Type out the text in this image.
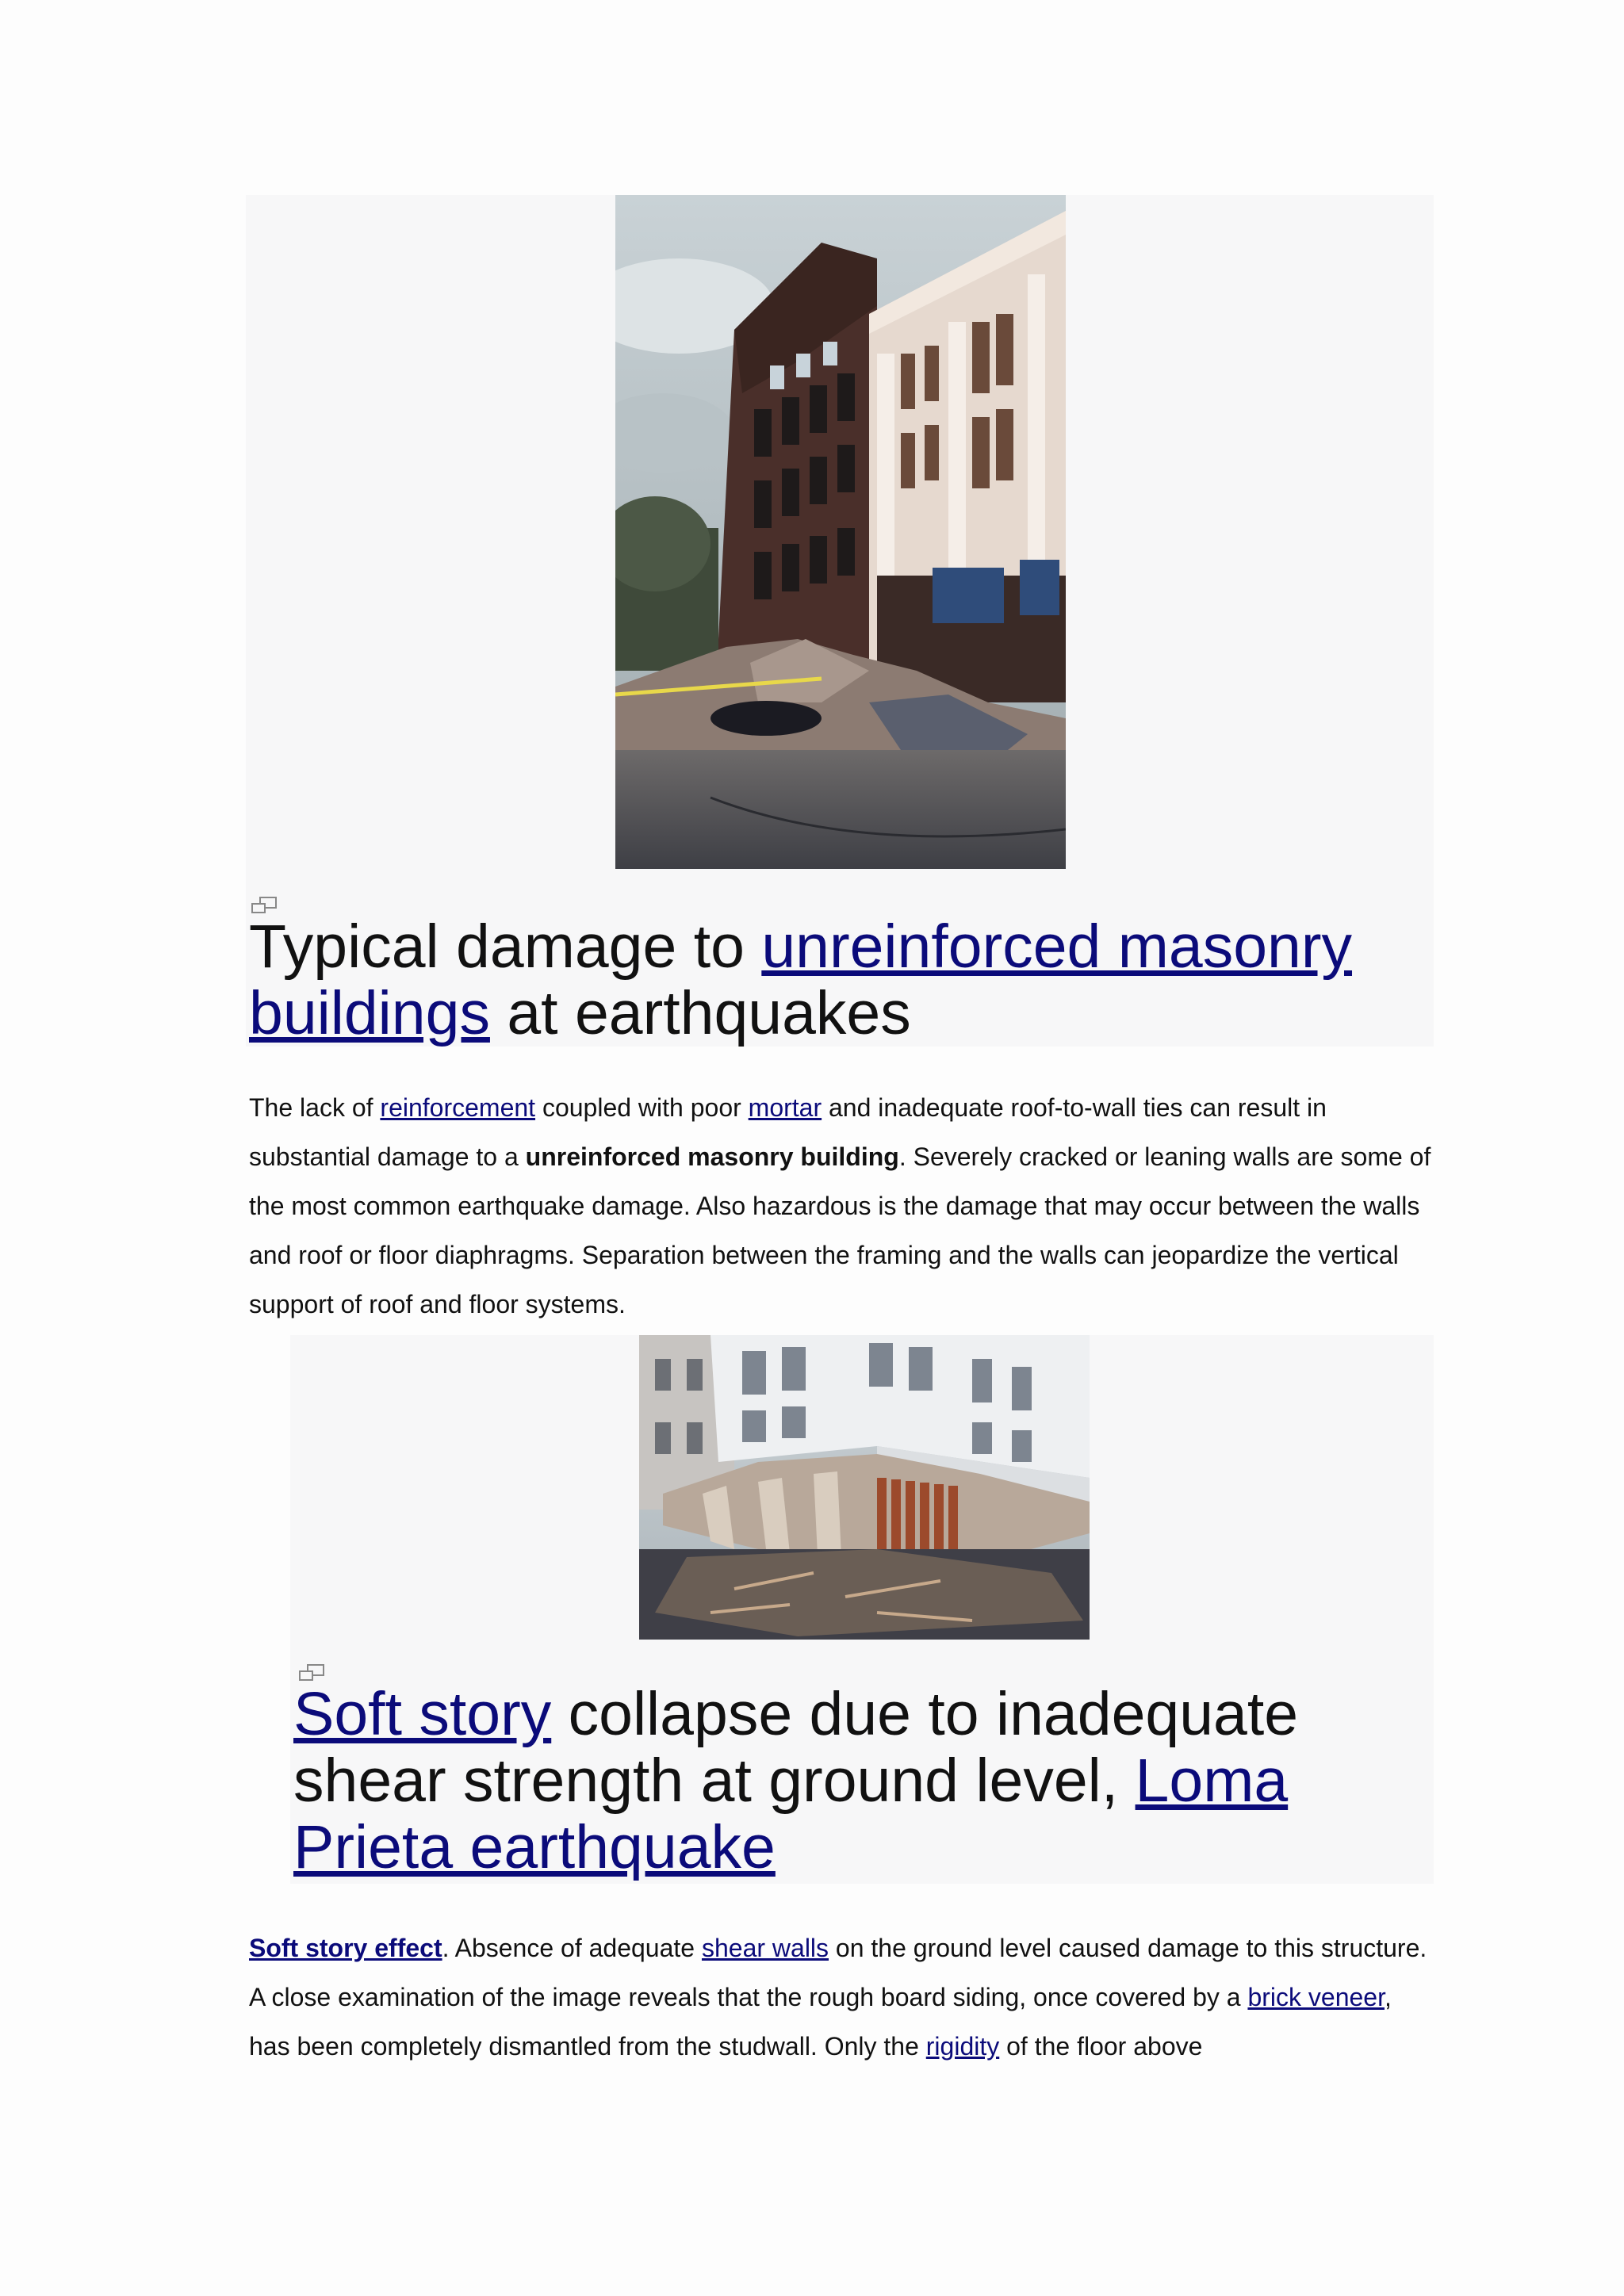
Typical damage to unreinforced masonry buildings at earthquakes

The lack of reinforcement coupled with poor mortar and inadequate roof-to-wall ties can result in substantial damage to a unreinforced masonry building. Severely cracked or leaning walls are some of the most common earthquake damage. Also hazardous is the damage that may occur between the walls and roof or floor diaphragms. Separation between the framing and the walls can jeopardize the vertical support of roof and floor systems.

Soft story collapse due to inadequate shear strength at ground level, Loma Prieta earthquake

Soft story effect. Absence of adequate shear walls on the ground level caused damage to this structure. A close examination of the image reveals that the rough board siding, once covered by a brick veneer, has been completely dismantled from the studwall. Only the rigidity of the floor above
